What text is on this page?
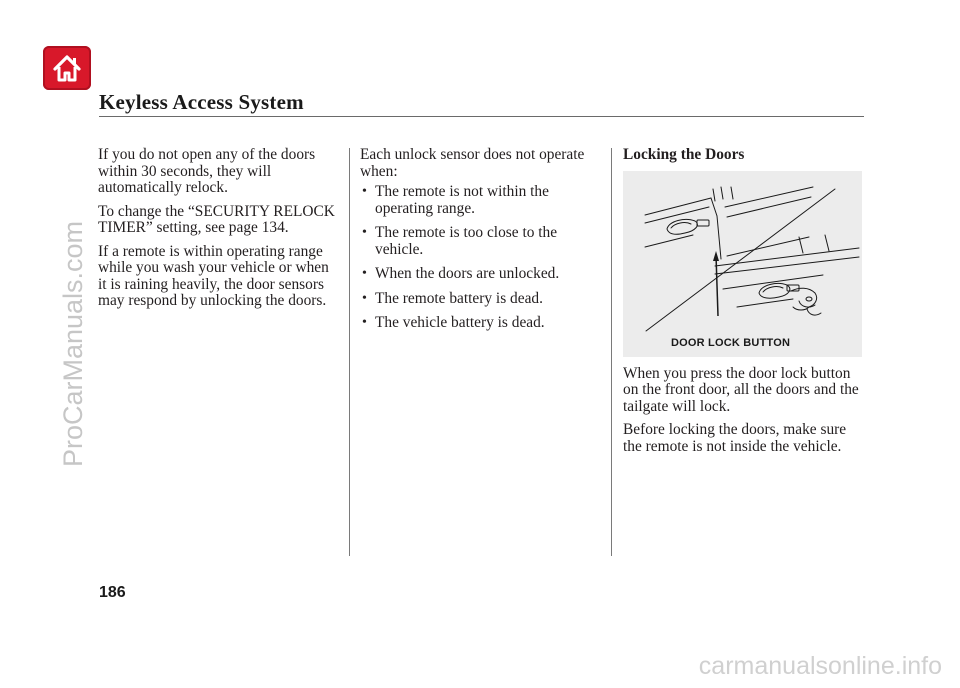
Keyless Access System

If you do not open any of the doors within 30 seconds, they will automatically relock.

To change the “SECURITY RELOCK TIMER” setting, see page 134.

If a remote is within operating range while you wash your vehicle or when it is raining heavily, the door sensors may respond by unlocking the doors.

Each unlock sensor does not operate when:

• The remote is not within the operating range.
• The remote is too close to the vehicle.
• When the doors are unlocked.
• The remote battery is dead.
• The vehicle battery is dead.

Locking the Doors

DOOR LOCK BUTTON

When you press the door lock button on the front door, all the doors and the tailgate will lock.

Before locking the doors, make sure the remote is not inside the vehicle.

186
ProCarManuals.com
carmanualsonline.info
